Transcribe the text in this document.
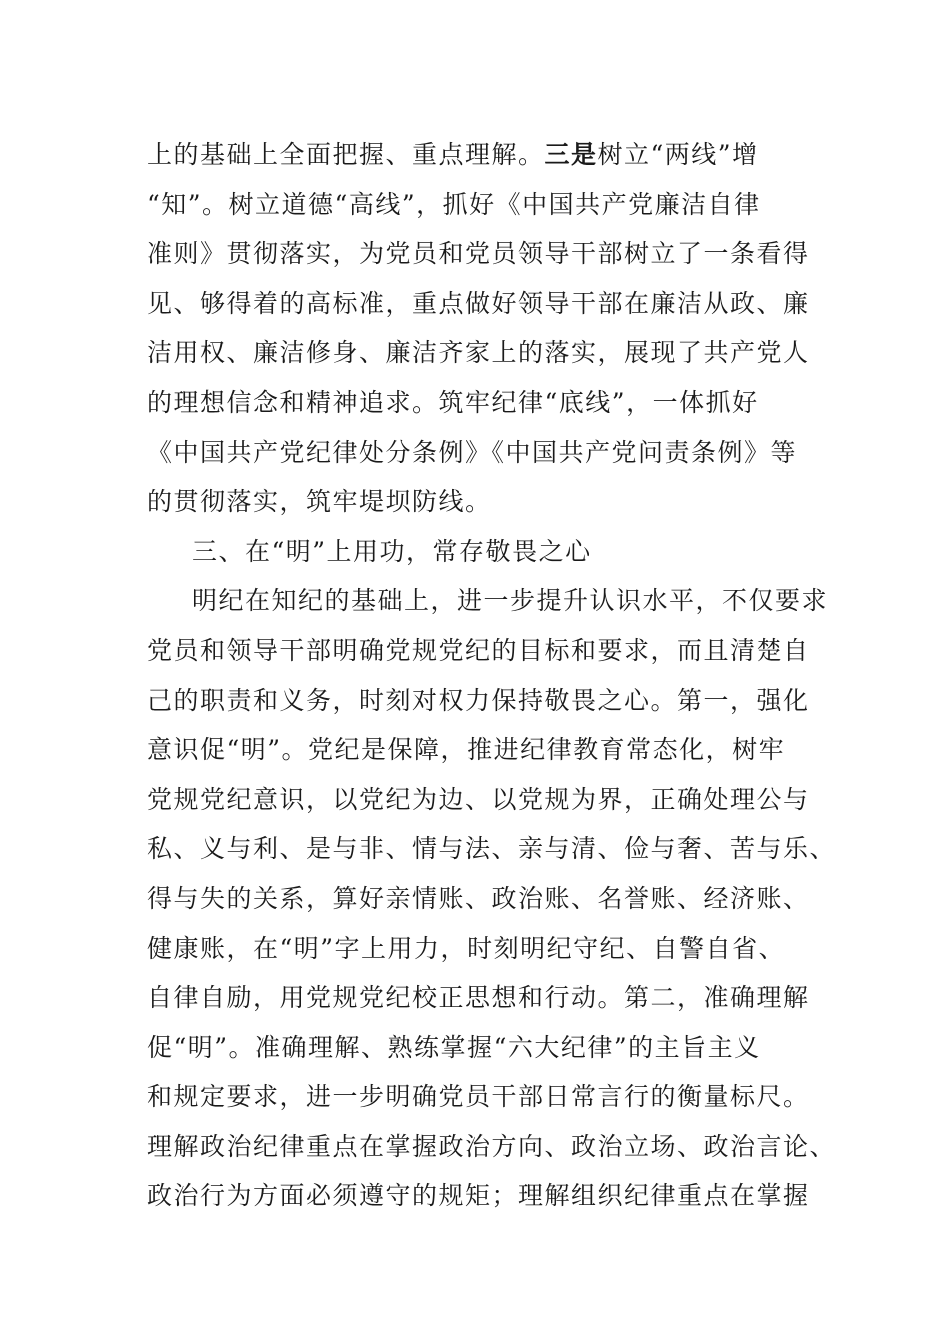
上的基础上全面把握、重点理解。三是树立“两线”增
“知”。树立道德“高线”，抓好《中国共产党廉洁自律
准则》贯彻落实，为党员和党员领导干部树立了一条看得
见、够得着的高标准，重点做好领导干部在廉洁从政、廉
洁用权、廉洁修身、廉洁齐家上的落实，展现了共产党人
的理想信念和精神追求。筑牢纪律“底线”，一体抓好
《中国共产党纪律处分条例》《中国共产党问责条例》等
的贯彻落实，筑牢堤坝防线。
三、在“明”上用功，常存敬畏之心
明纪在知纪的基础上，进一步提升认识水平，不仅要求
党员和领导干部明确党规党纪的目标和要求，而且清楚自
己的职责和义务，时刻对权力保持敬畏之心。第一，强化
意识促“明”。党纪是保障，推进纪律教育常态化，树牢
党规党纪意识，以党纪为边、以党规为界，正确处理公与
私、义与利、是与非、情与法、亲与清、俭与奢、苦与乐、
得与失的关系，算好亲情账、政治账、名誉账、经济账、
健康账，在“明”字上用力，时刻明纪守纪、自警自省、
自律自励，用党规党纪校正思想和行动。第二，准确理解
促“明”。准确理解、熟练掌握“六大纪律”的主旨主义
和规定要求，进一步明确党员干部日常言行的衡量标尺。
理解政治纪律重点在掌握政治方向、政治立场、政治言论、
政治行为方面必须遵守的规矩；理解组织纪律重点在掌握
